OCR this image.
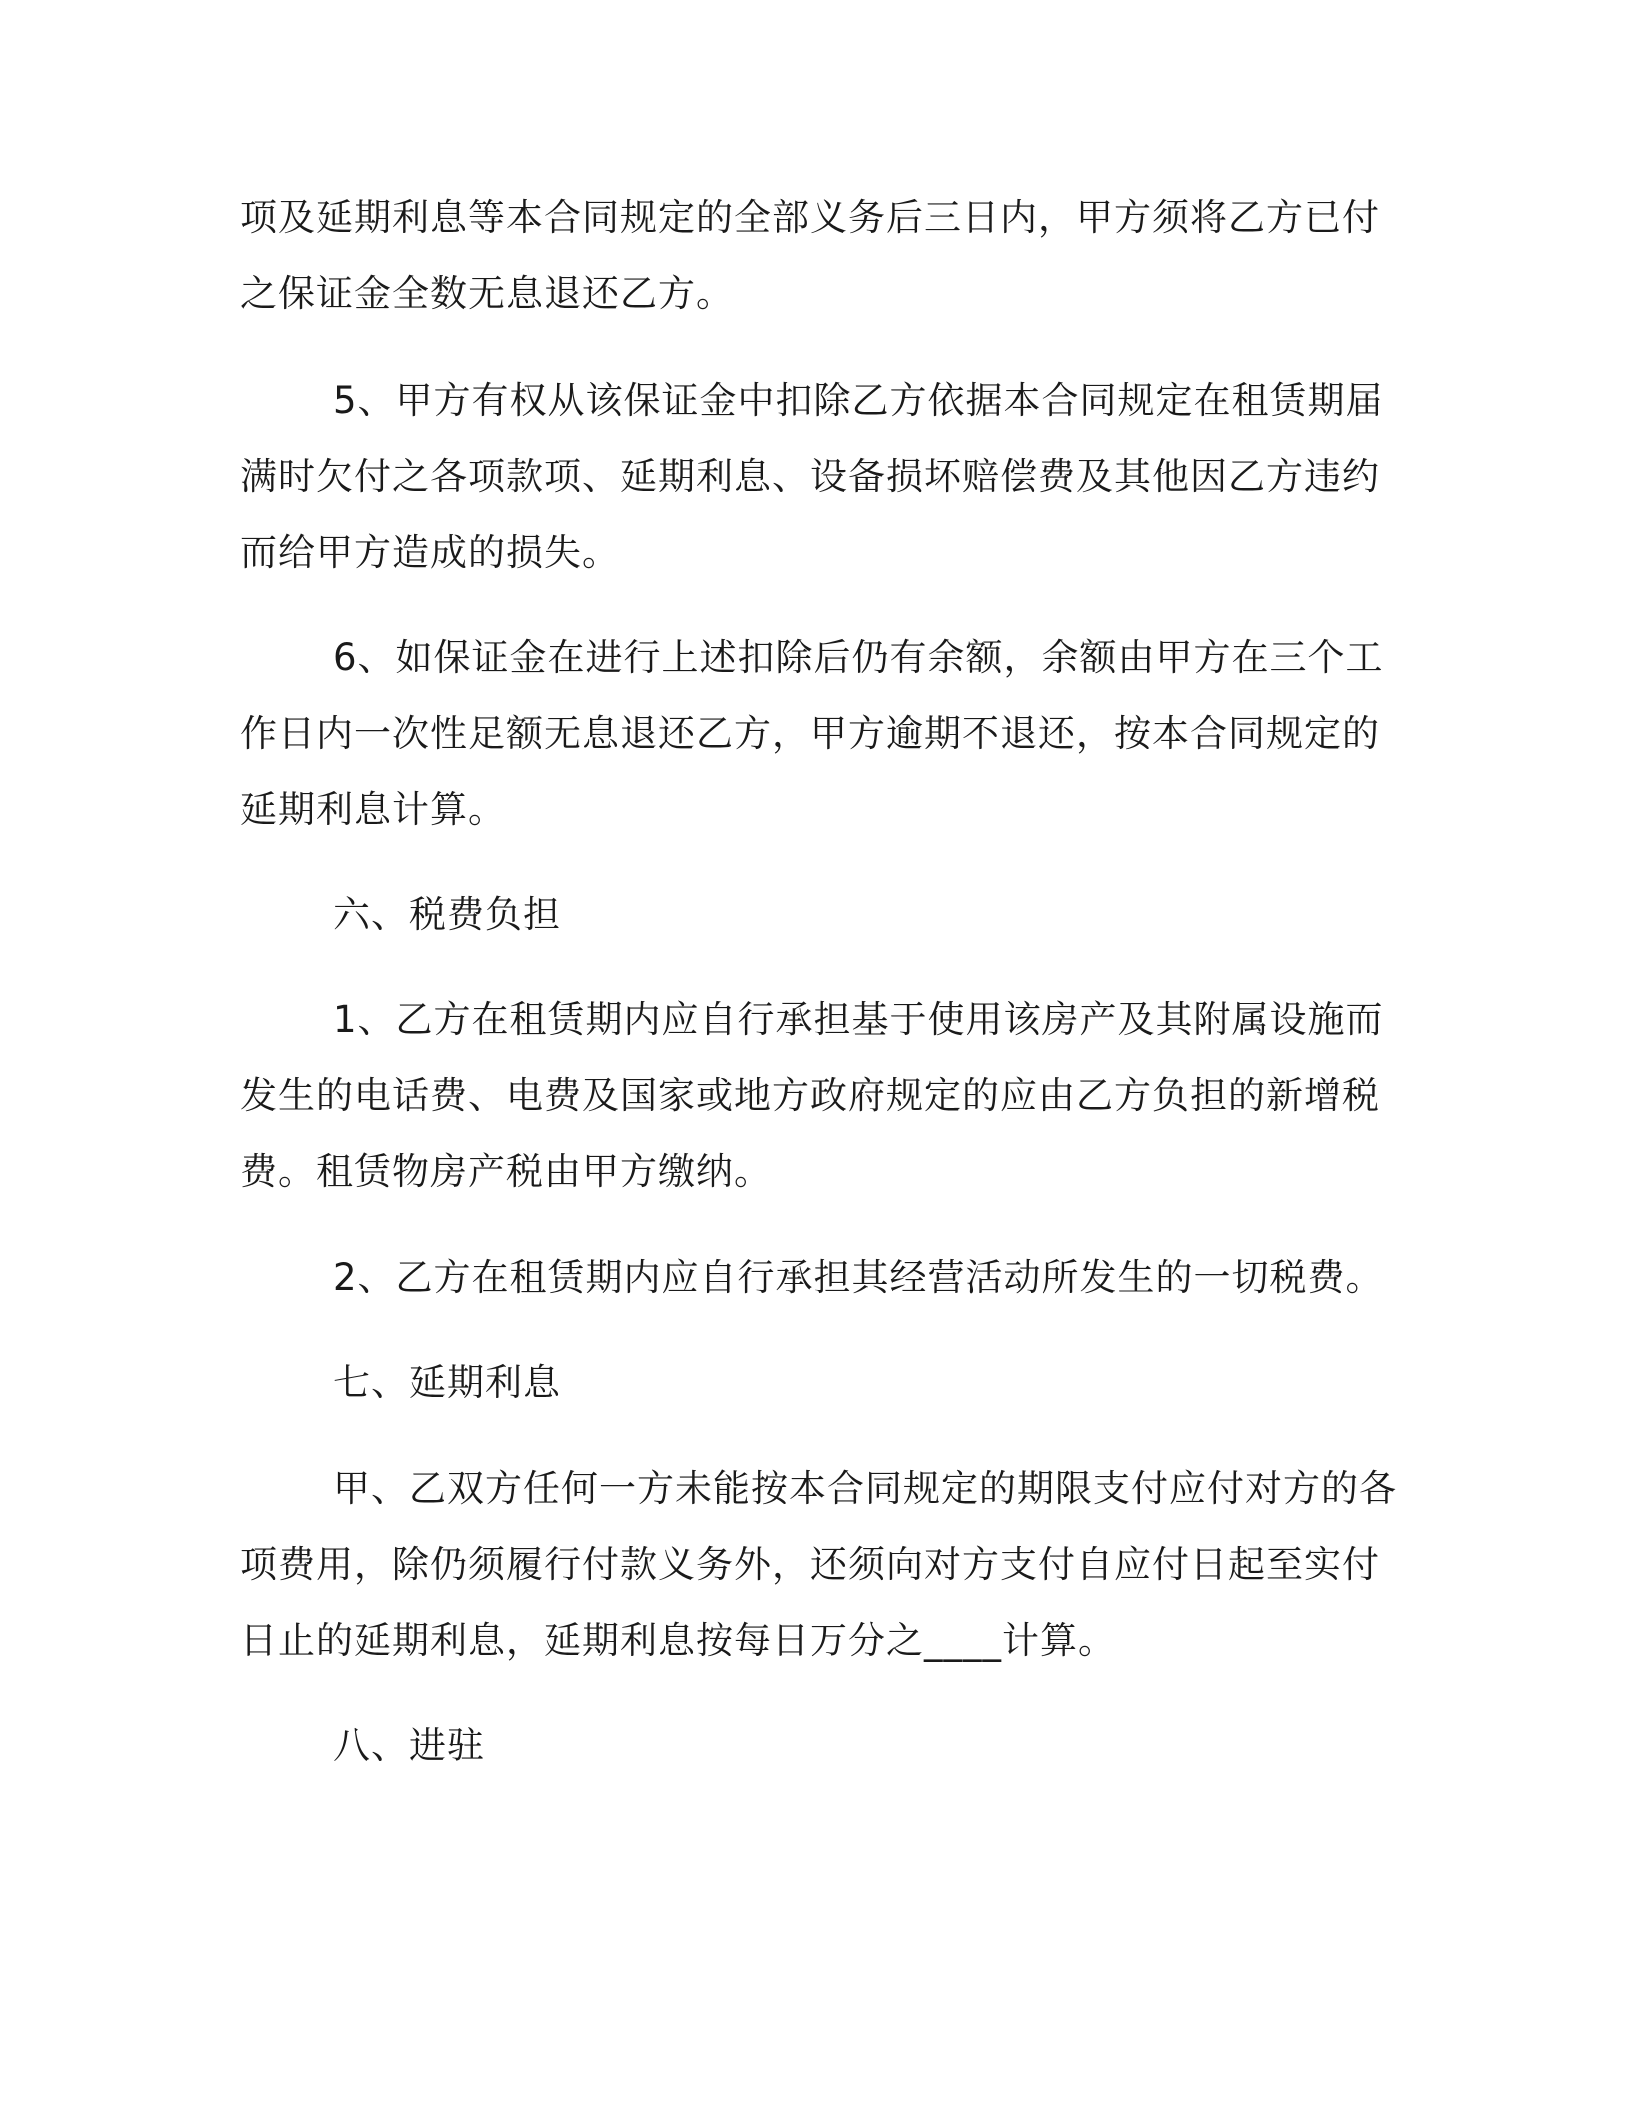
项及延期利息等本合同规定的全部义务后三日内，甲方须将乙方已付
之保证金全数无息退还乙方。
5、甲方有权从该保证金中扣除乙方依据本合同规定在租赁期届
满时欠付之各项款项、延期利息、设备损坏赔偿费及其他因乙方违约
而给甲方造成的损失。
6、如保证金在进行上述扣除后仍有余额，余额由甲方在三个工
作日内一次性足额无息退还乙方，甲方逾期不退还，按本合同规定的
延期利息计算。
六、税费负担
1、乙方在租赁期内应自行承担基于使用该房产及其附属设施而
发生的电话费、电费及国家或地方政府规定的应由乙方负担的新增税
费。租赁物房产税由甲方缴纳。
2、乙方在租赁期内应自行承担其经营活动所发生的一切税费。
七、延期利息
甲、乙双方任何一方未能按本合同规定的期限支付应付对方的各
项费用，除仍须履行付款义务外，还须向对方支付自应付日起至实付
日止的延期利息，延期利息按每日万分之____计算。
八、进驻
